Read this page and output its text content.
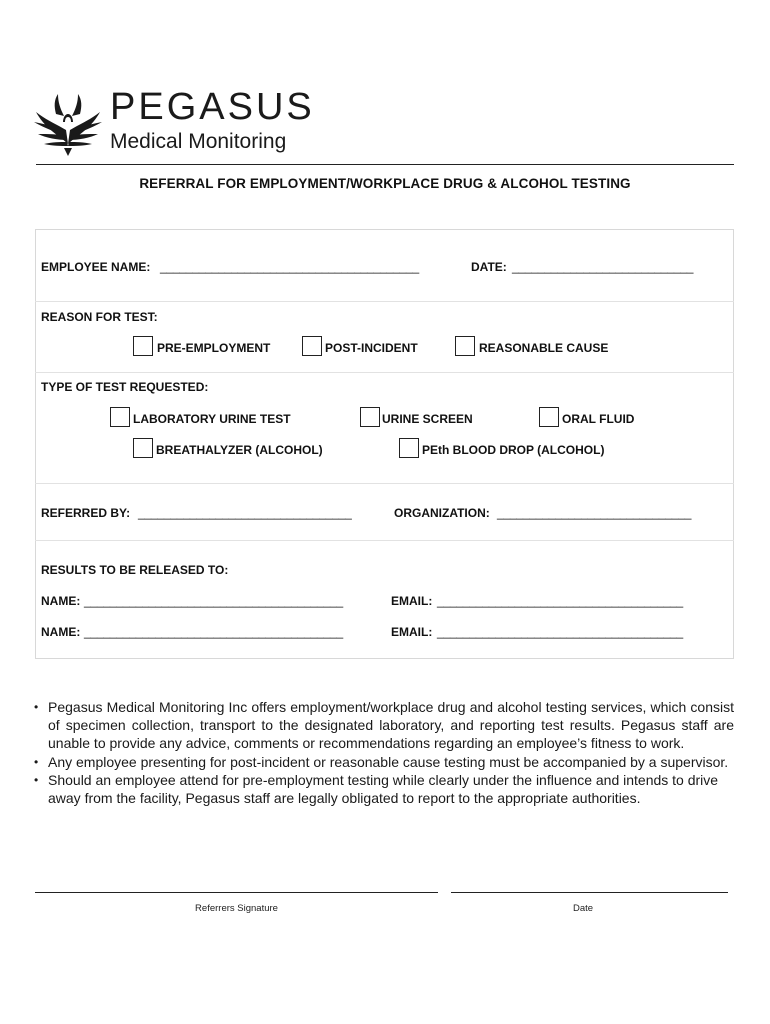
PEGASUS
Medical Monitoring
REFERRAL FOR EMPLOYMENT/WORKPLACE DRUG & ALCOHOL TESTING
EMPLOYEE NAME: ________________________________________	DATE: ____________________________
REASON FOR TEST:
PRE-EMPLOYMENT	POST-INCIDENT	REASONABLE CAUSE
TYPE OF TEST REQUESTED:
LABORATORY URINE TEST	URINE SCREEN	ORAL FLUID
BREATHALYZER (ALCOHOL)	PEth BLOOD DROP (ALCOHOL)
REFERRED BY: _________________________________	ORGANIZATION: ______________________________
RESULTS TO BE RELEASED TO:
NAME: ________________________________________	EMAIL: ______________________________________
NAME: ________________________________________	EMAIL: ______________________________________
• Pegasus Medical Monitoring Inc offers employment/workplace drug and alcohol testing services, which consist of specimen collection, transport to the designated laboratory, and reporting test results. Pegasus staff are unable to provide any advice, comments or recommendations regarding an employee’s fitness to work.
• Any employee presenting for post-incident or reasonable cause testing must be accompanied by a supervisor.
• Should an employee attend for pre-employment testing while clearly under the influence and intends to drive away from the facility, Pegasus staff are legally obligated to report to the appropriate authorities.
Referrers Signature	Date
